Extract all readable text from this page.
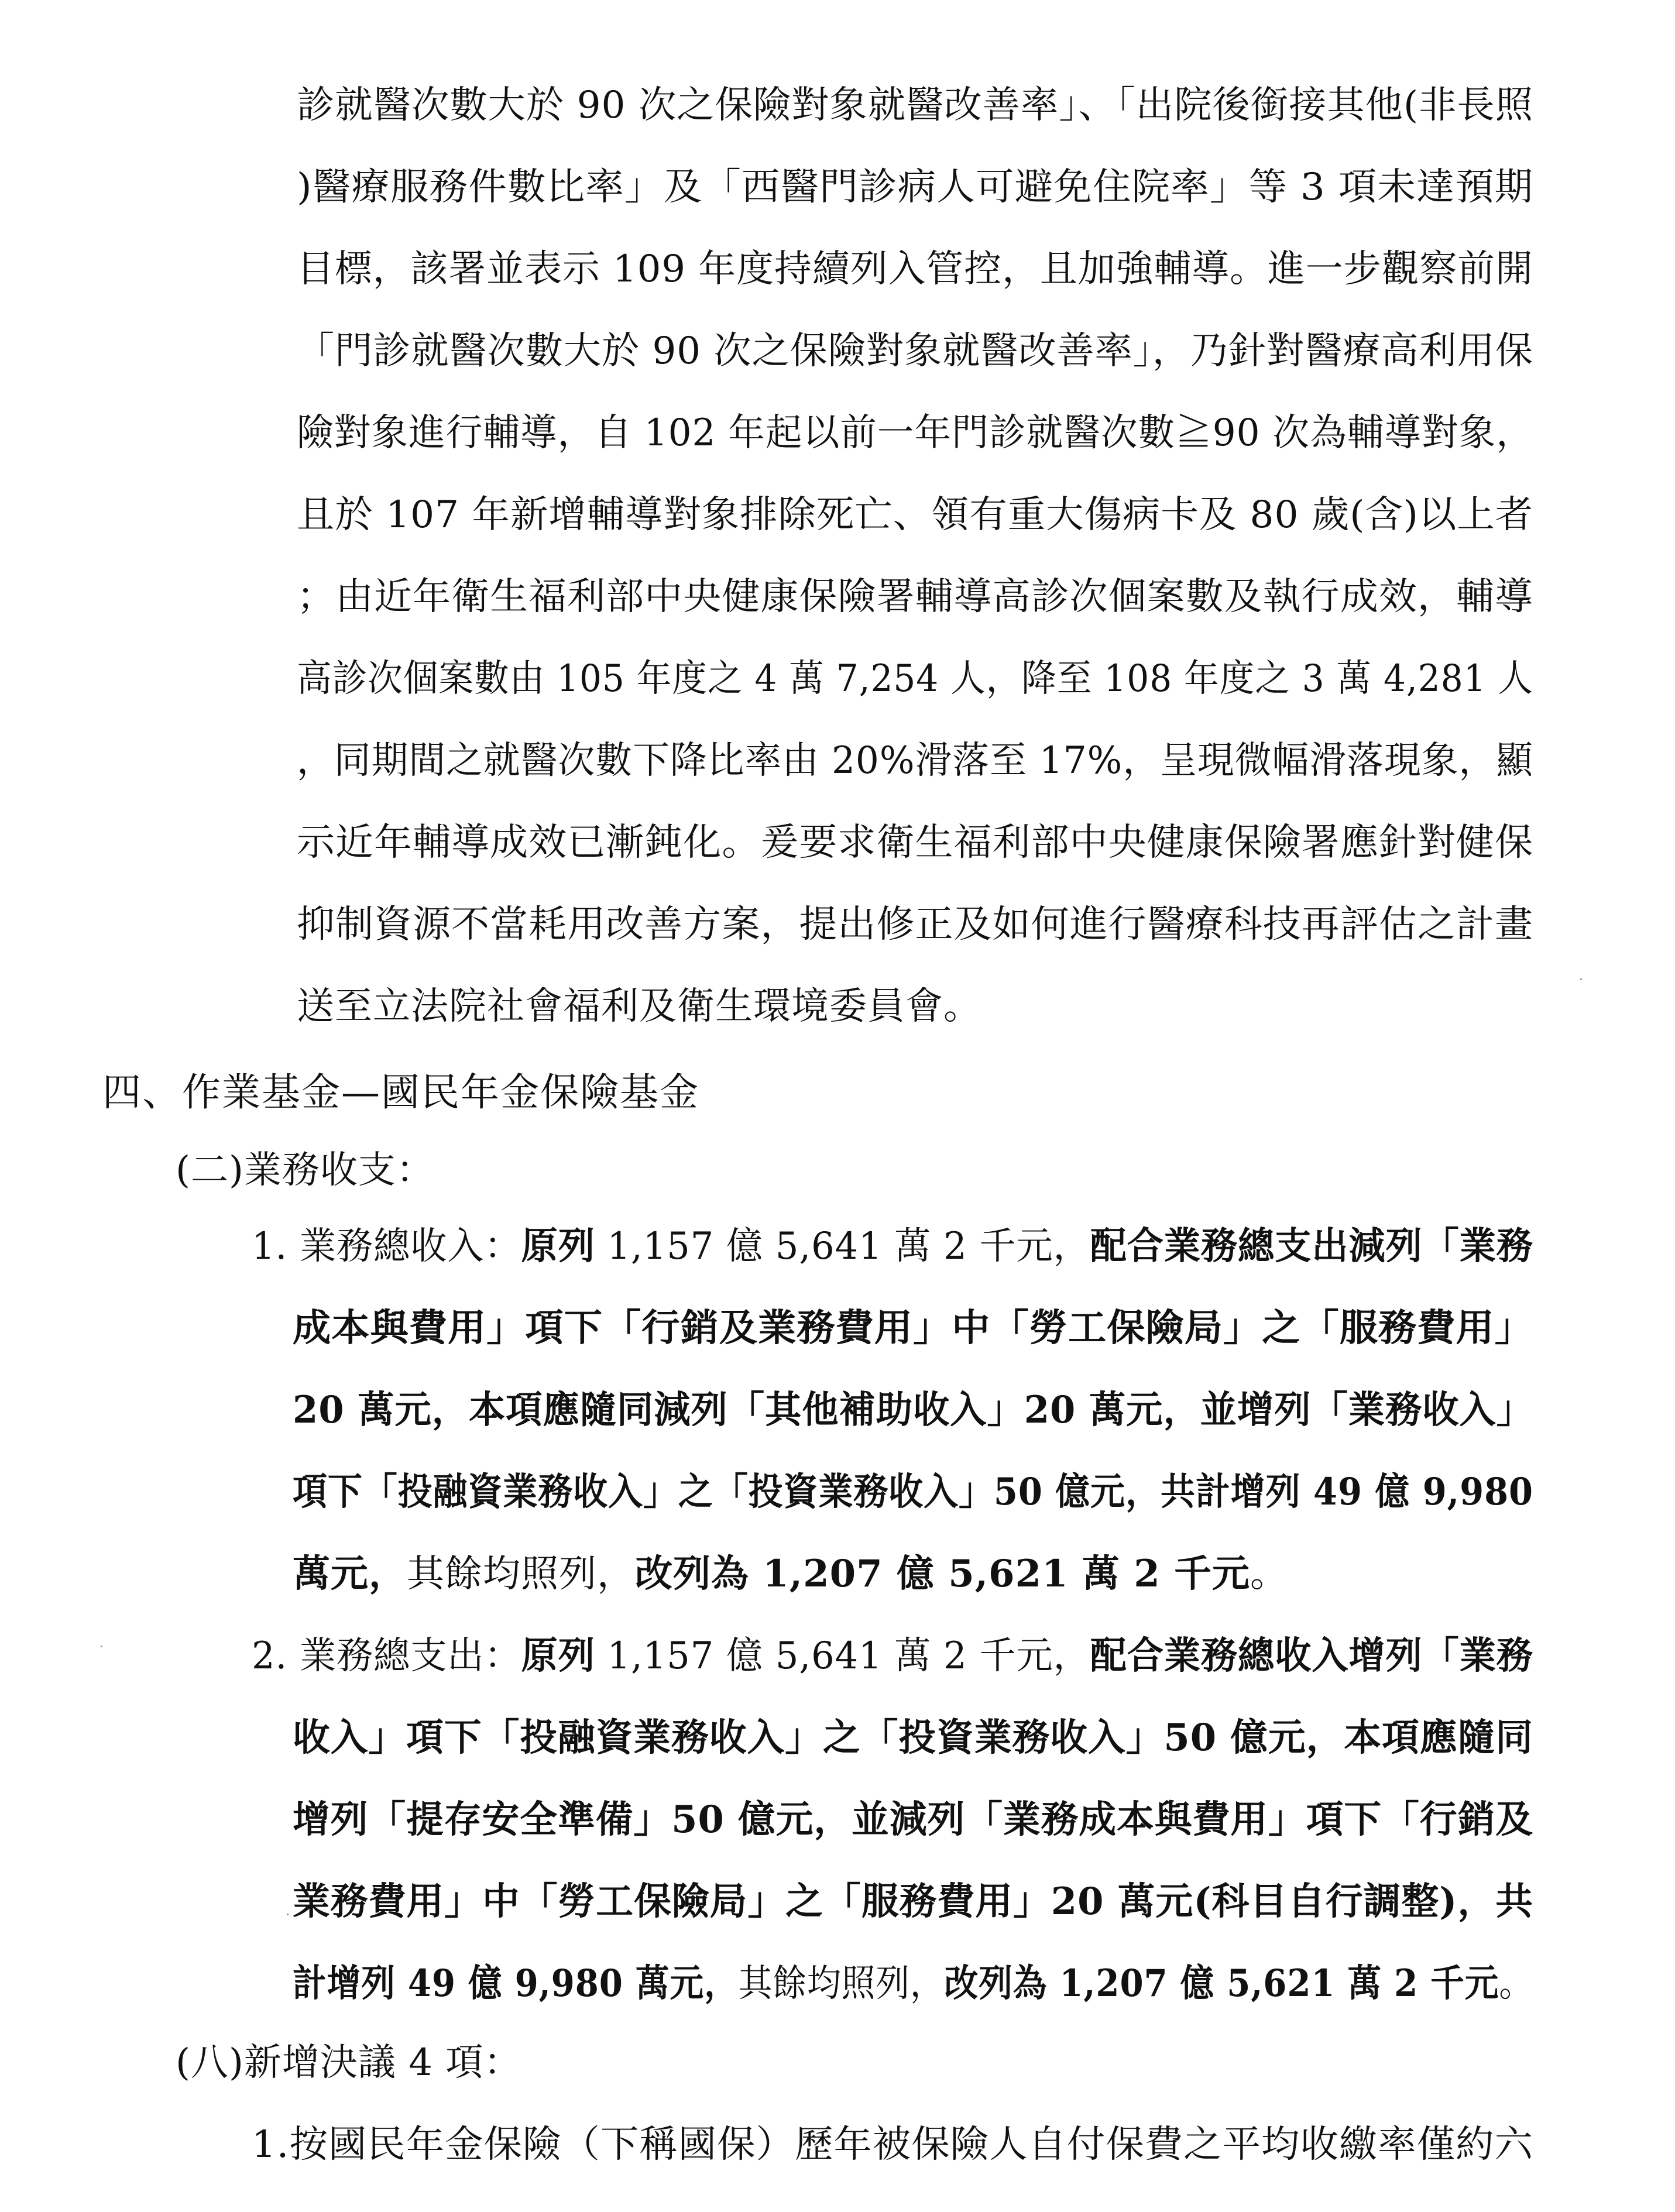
診就醫次數大於 90 次之保險對象就醫改善率」、「出院後銜接其他(非長照
)醫療服務件數比率」及「西醫門診病人可避免住院率」等 3 項未達預期
目標，該署並表示 109 年度持續列入管控，且加強輔導。進一步觀察前開
「門診就醫次數大於 90 次之保險對象就醫改善率」，乃針對醫療高利用保
險對象進行輔導，自 102 年起以前一年門診就醫次數≧90 次為輔導對象，
且於 107 年新增輔導對象排除死亡、領有重大傷病卡及 80 歲(含)以上者
；由近年衛生福利部中央健康保險署輔導高診次個案數及執行成效，輔導
高診次個案數由 105 年度之 4 萬 7,254 人，降至 108 年度之 3 萬 4,281 人
，同期間之就醫次數下降比率由 20%滑落至 17%，呈現微幅滑落現象，顯
示近年輔導成效已漸鈍化。爰要求衛生福利部中央健康保險署應針對健保
抑制資源不當耗用改善方案，提出修正及如何進行醫療科技再評估之計畫
送至立法院社會福利及衛生環境委員會。
四、作業基金—國民年金保險基金
(二)業務收支：
1. 業務總收入：原列 1,157 億 5,641 萬 2 千元，配合業務總支出減列「業務
成本與費用」項下「行銷及業務費用」中「勞工保險局」之「服務費用」
20 萬元，本項應隨同減列「其他補助收入」20 萬元，並增列「業務收入」
項下「投融資業務收入」之「投資業務收入」50 億元，共計增列 49 億 9,980
萬元，其餘均照列，改列為 1,207 億 5,621 萬 2 千元。
2. 業務總支出：原列 1,157 億 5,641 萬 2 千元，配合業務總收入增列「業務
收入」項下「投融資業務收入」之「投資業務收入」50 億元，本項應隨同
增列「提存安全準備」50 億元，並減列「業務成本與費用」項下「行銷及
業務費用」中「勞工保險局」之「服務費用」20 萬元(科目自行調整)，共
計增列 49 億 9,980 萬元，其餘均照列，改列為 1,207 億 5,621 萬 2 千元。
(八)新增決議 4 項：
1.按國民年金保險（下稱國保）歷年被保險人自付保費之平均收繳率僅約六
